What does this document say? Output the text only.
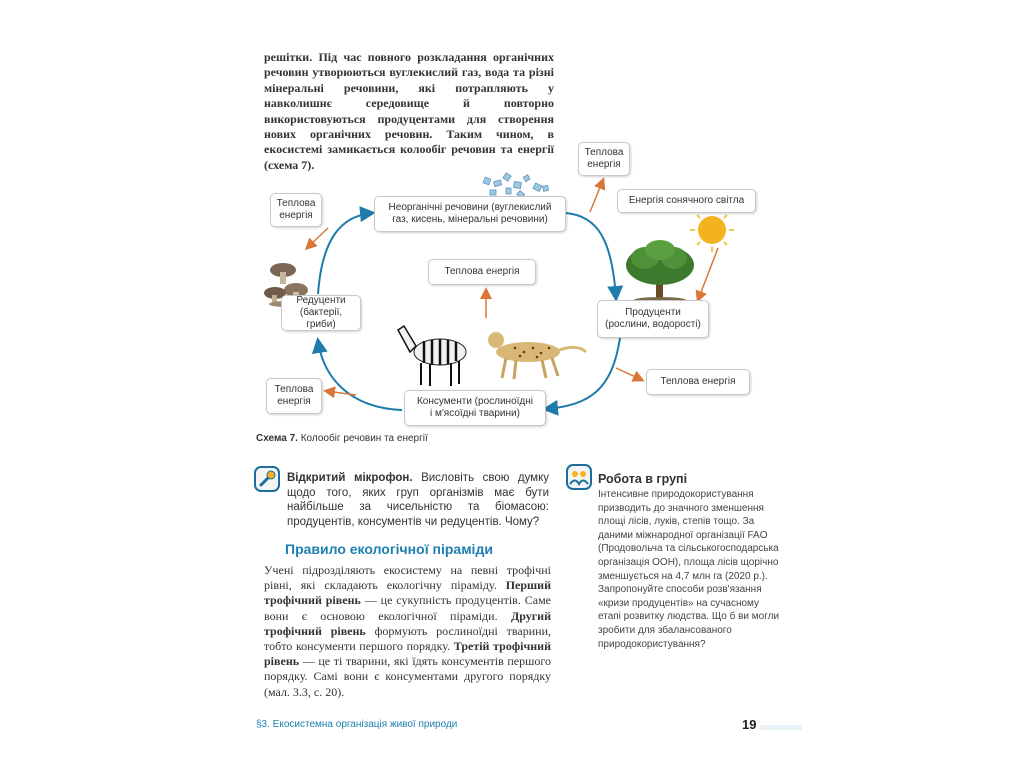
решітки. Під час повного розкладання органічних речовин утворюються вуглекислий газ, вода та різні мінеральні речовини, які потрапляють у навколишнє середовище й повторно використовуються продуцентами для створення нових органічних речовин. Таким чином, в екосистемі замикається колообіг речовин та енергії (схема 7).
Неорганічні речовини (вуглекислий
газ, кисень, мінеральні речовини)
Теплова
енергія
Теплова
енергія
Енергія сонячного світла
Теплова енергія
Редуценти
(бактерії, гриби)
Продуценти
(рослини, водорості)
Теплова енергія
Теплова
енергія	Консументи (рослиноїдні
і м'ясоїдні тварини)
Схема 7. Колообіг речовин та енергії
Відкритий мікрофон. Висловіть свою думку щодо того, яких груп організмів має бути найбільше за чисельністю та біомасою: продуцентів, консументів чи редуцентів. Чому?
Правило екологічної піраміди
Учені підрозділяють екосистему на певні трофічні рівні, які складають екологічну піраміду. Перший трофічний рівень — це сукупність продуцентів. Саме вони є основою екологічної піраміди. Другий трофічний рівень формують рослиноїдні тварини, тобто консументи першого порядку. Третій трофічний рівень — це ті тварини, які їдять консументів першого порядку. Самі вони є консументами другого порядку (мал. 3.3, с. 20).
Робота в групі
Інтенсивне природокористування призводить до значного зменшення площі лісів, луків, степів тощо. За даними міжнародної організації FAO (Продовольча та сільськогосподарська організація ООН), площа лісів щорічно зменшується на 4,7 млн га (2020 р.). Запропонуйте способи розв'язання «кризи продуцентів» на сучасному етапі розвитку людства. Що б ви могли зробити для збалансованого природокористування?
§3. Екосистемна організація живої природи	19
